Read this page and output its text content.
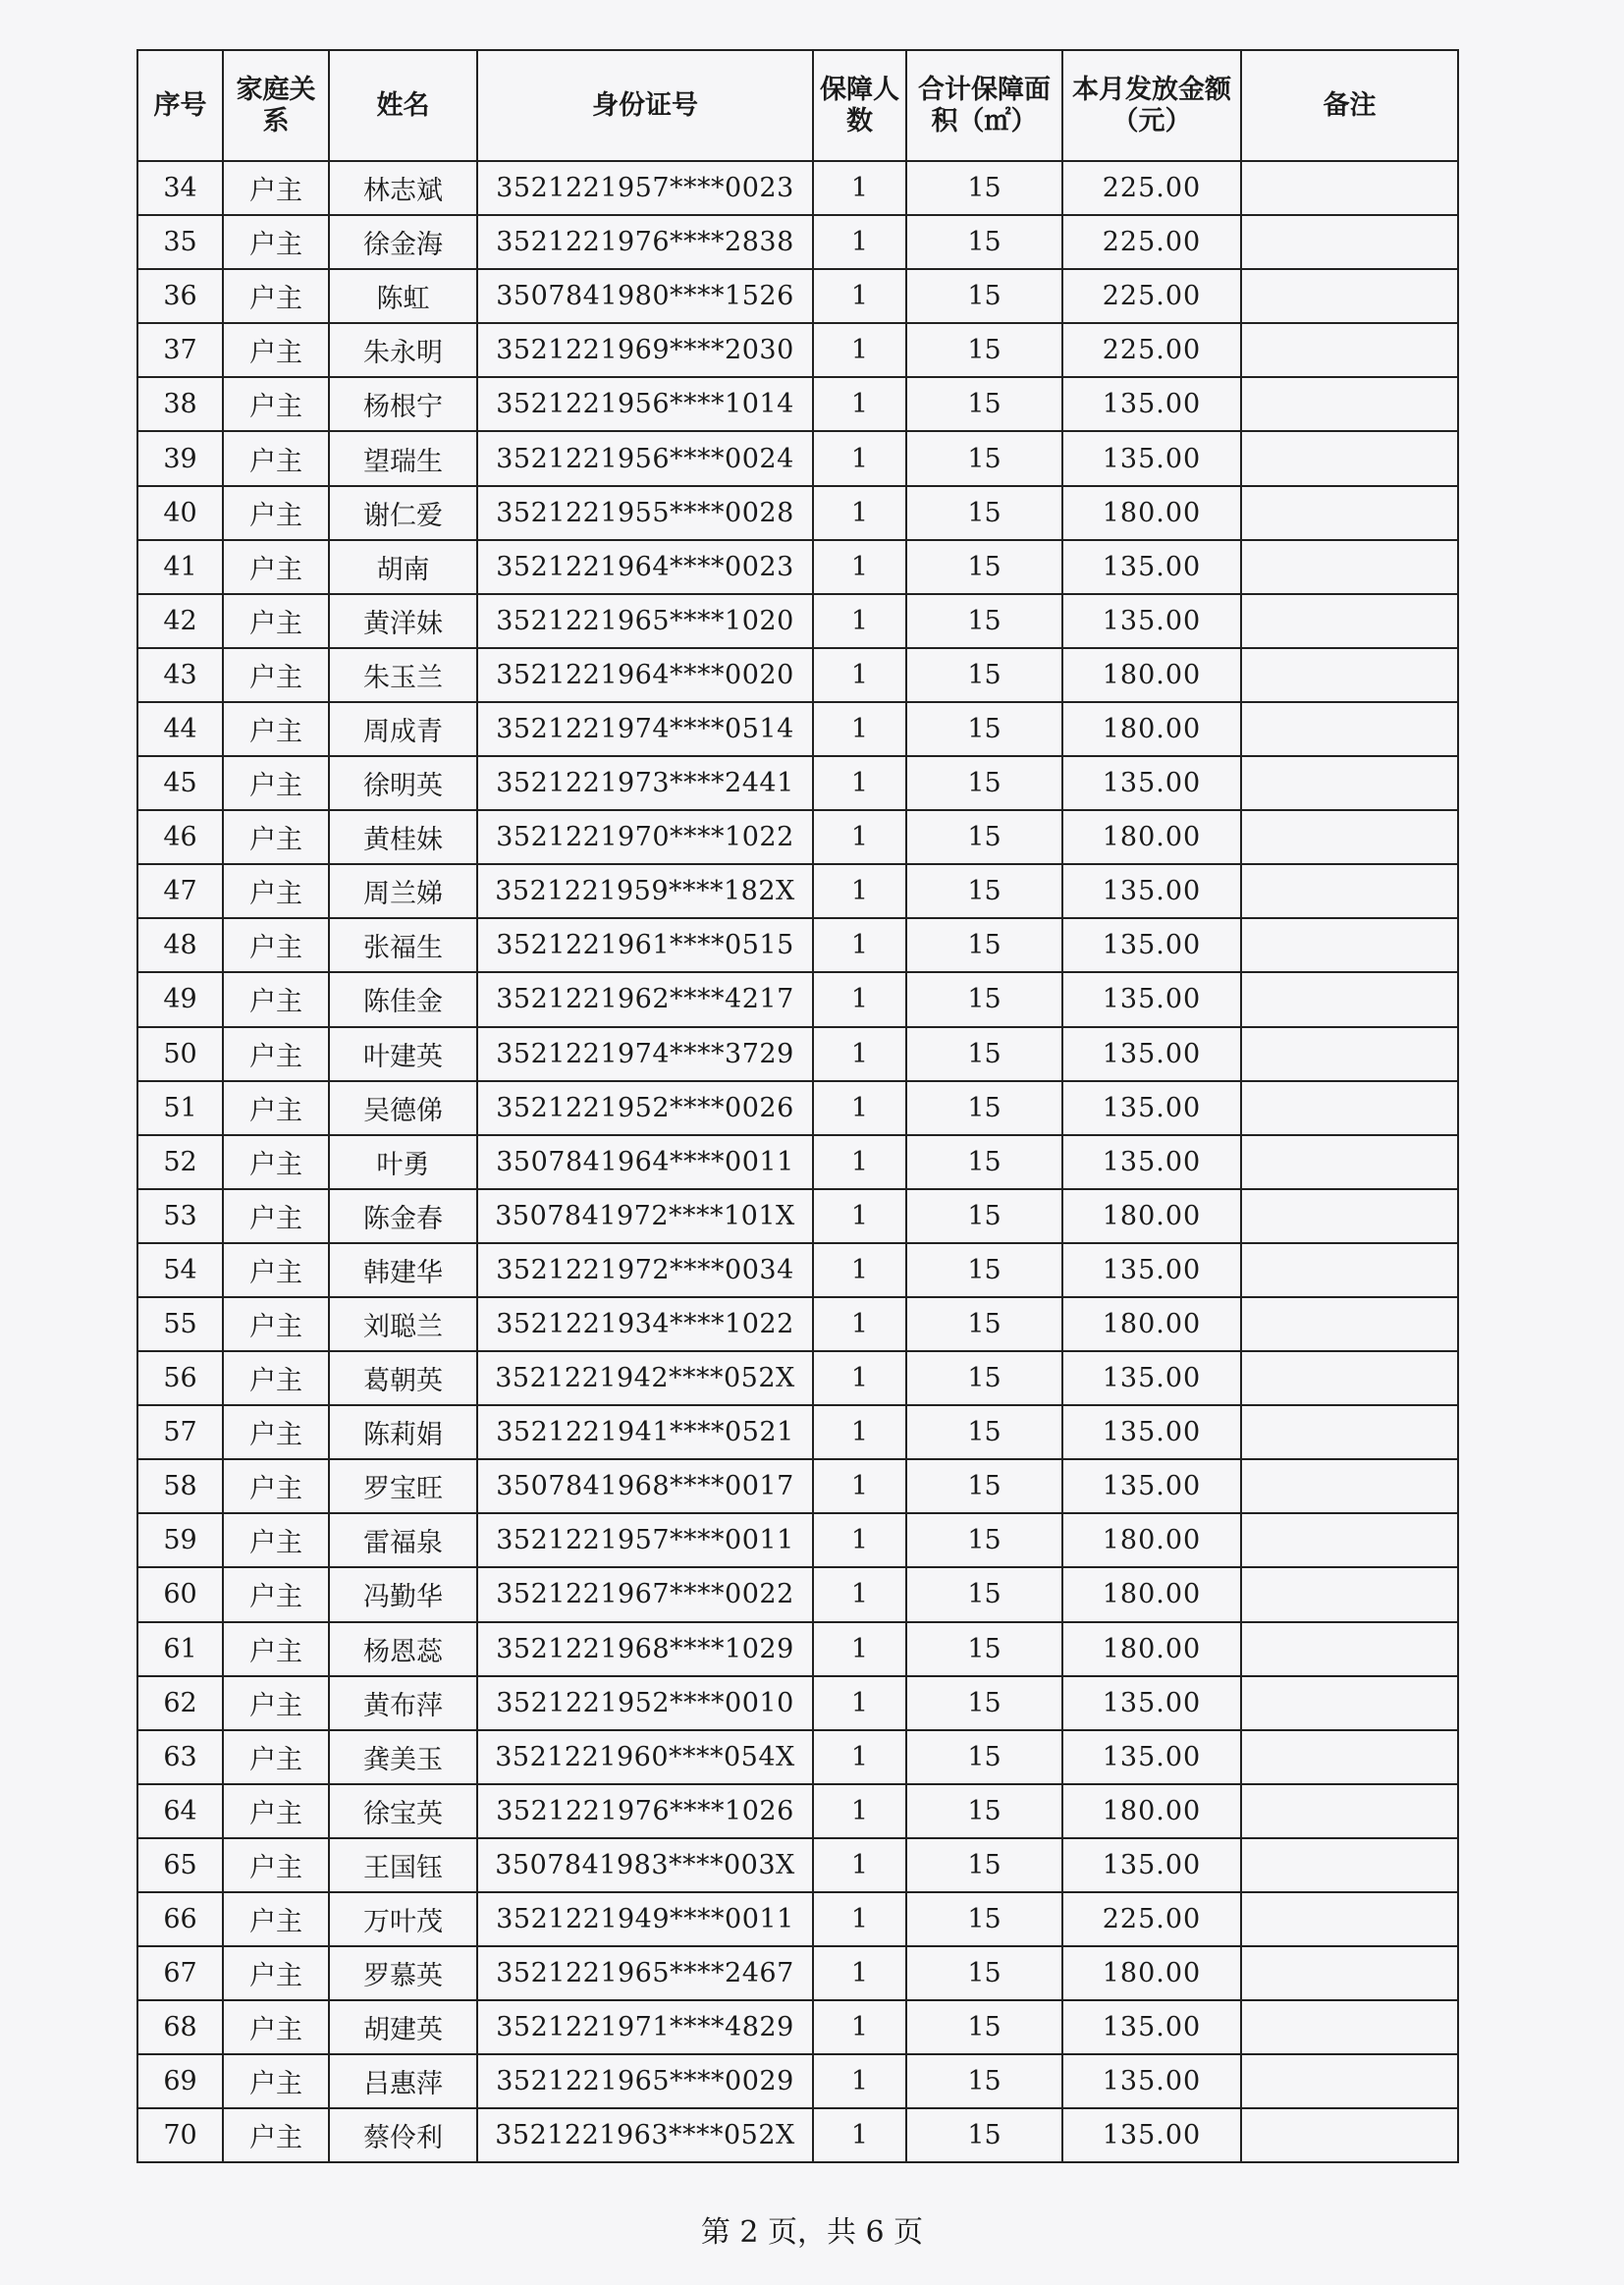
序号	家庭关系	姓名	身份证号	保障人数	合计保障面积（㎡）	本月发放金额（元）	备注
34	户主	林志斌	3521221957****0023	1	15	225.00	
35	户主	徐金海	3521221976****2838	1	15	225.00	
36	户主	陈虹	3507841980****1526	1	15	225.00	
37	户主	朱永明	3521221969****2030	1	15	225.00	
38	户主	杨根宁	3521221956****1014	1	15	135.00	
39	户主	望瑞生	3521221956****0024	1	15	135.00	
40	户主	谢仁爱	3521221955****0028	1	15	180.00	
41	户主	胡南	3521221964****0023	1	15	135.00	
42	户主	黄洋妹	3521221965****1020	1	15	135.00	
43	户主	朱玉兰	3521221964****0020	1	15	180.00	
44	户主	周成青	3521221974****0514	1	15	180.00	
45	户主	徐明英	3521221973****2441	1	15	135.00	
46	户主	黄桂妹	3521221970****1022	1	15	180.00	
47	户主	周兰娣	3521221959****182X	1	15	135.00	
48	户主	张福生	3521221961****0515	1	15	135.00	
49	户主	陈佳金	3521221962****4217	1	15	135.00	
50	户主	叶建英	3521221974****3729	1	15	135.00	
51	户主	吴德俤	3521221952****0026	1	15	135.00	
52	户主	叶勇	3507841964****0011	1	15	135.00	
53	户主	陈金春	3507841972****101X	1	15	180.00	
54	户主	韩建华	3521221972****0034	1	15	135.00	
55	户主	刘聪兰	3521221934****1022	1	15	180.00	
56	户主	葛朝英	3521221942****052X	1	15	135.00	
57	户主	陈莉娟	3521221941****0521	1	15	135.00	
58	户主	罗宝旺	3507841968****0017	1	15	135.00	
59	户主	雷福泉	3521221957****0011	1	15	180.00	
60	户主	冯勤华	3521221967****0022	1	15	180.00	
61	户主	杨恩蕊	3521221968****1029	1	15	180.00	
62	户主	黄布萍	3521221952****0010	1	15	135.00	
63	户主	龚美玉	3521221960****054X	1	15	135.00	
64	户主	徐宝英	3521221976****1026	1	15	180.00	
65	户主	王国钰	3507841983****003X	1	15	135.00	
66	户主	万叶茂	3521221949****0011	1	15	225.00	
67	户主	罗慕英	3521221965****2467	1	15	180.00	
68	户主	胡建英	3521221971****4829	1	15	135.00	
69	户主	吕惠萍	3521221965****0029	1	15	135.00	
70	户主	蔡伶利	3521221963****052X	1	15	135.00	
第 2 页，共 6 页
